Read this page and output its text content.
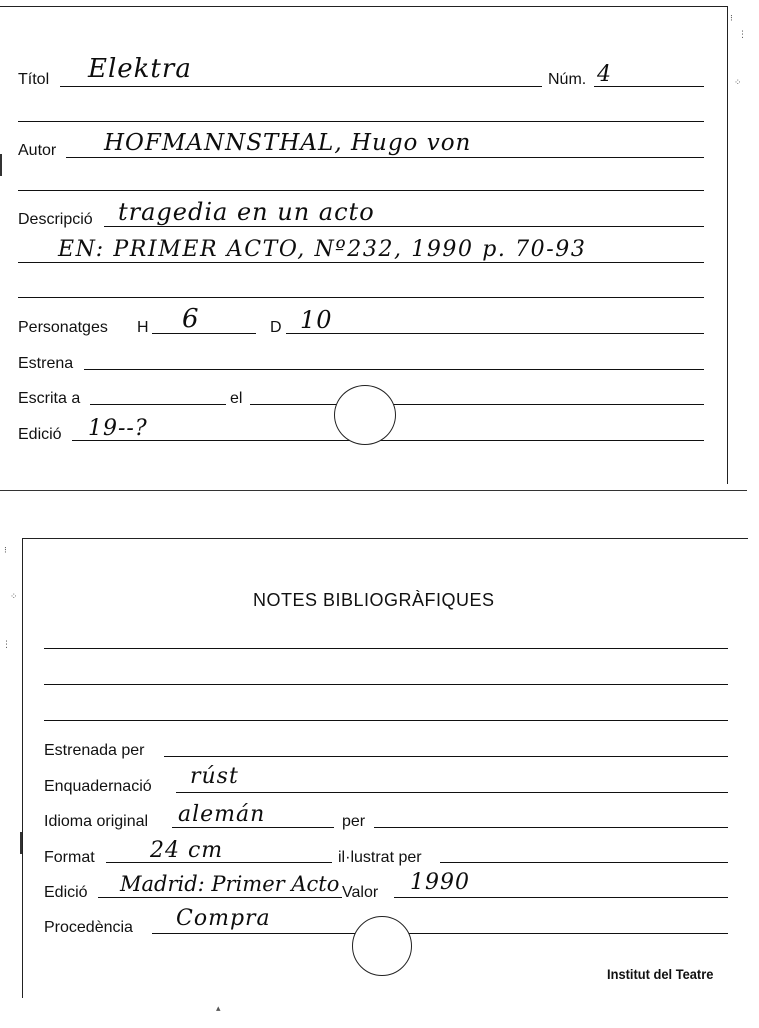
Títol Elektra	Núm. 4
Autor HOFMANNSTHAL, Hugo von
Descripció tragedia en un acto
EN: PRIMER ACTO, Nº232, 1990 p. 70-93
Personatges H 6	D 10
Estrena
Escrita a	el
Edició 19--?
⁝
⋮
⁘
NOTES BIBLIOGRÀFIQUES
Estrenada per
Enquadernació rúst
Idioma original alemán	per
Format	24 cm	il·lustrat per
Edició Madrid: Primer Acto Valor 1990
Procedència Compra
Institut del Teatre
⁝
⁘
⋮
▴
